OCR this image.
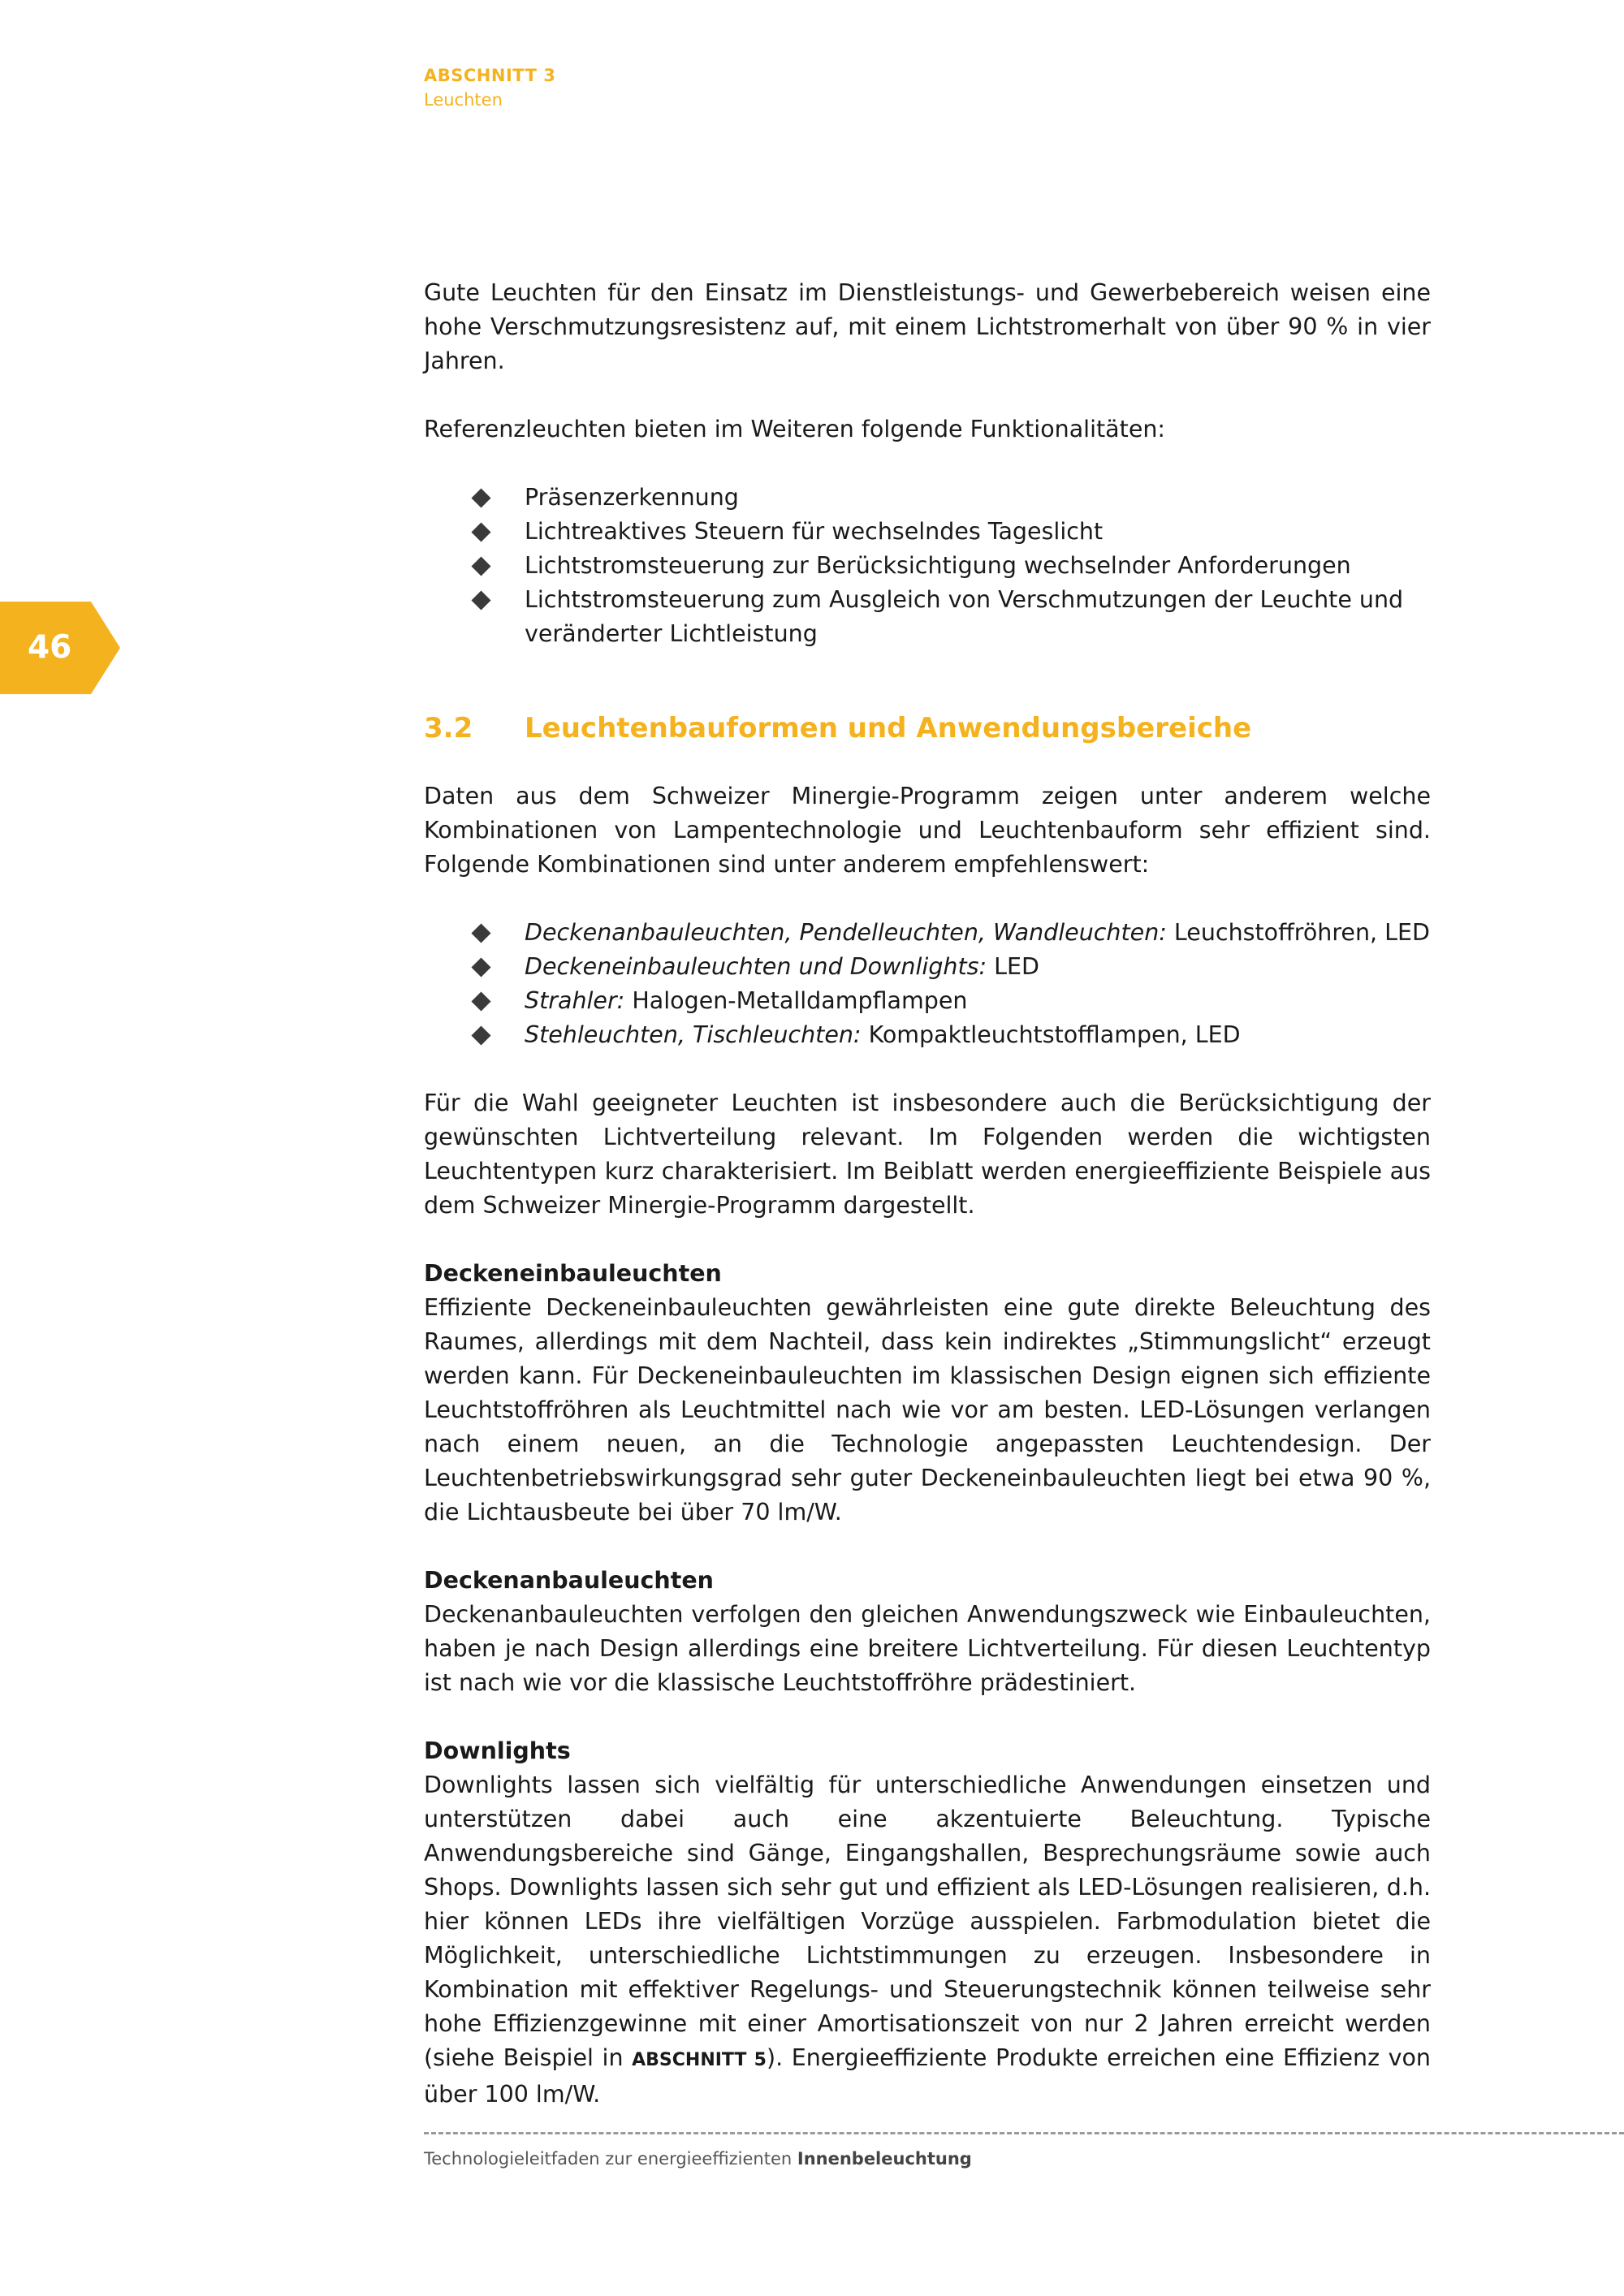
ABSCHNITT 3
Leuchten
46

Gute Leuchten für den Einsatz im Dienstleistungs- und Gewerbebereich weisen eine hohe Verschmutzungsresistenz auf, mit einem Lichtstromerhalt von über 90 % in vier Jahren.

Referenzleuchten bieten im Weiteren folgende Funktionalitäten:

Präsenzerkennung
Lichtreaktives Steuern für wechselndes Tageslicht
Lichtstromsteuerung zur Berücksichtigung wechselnder Anforderungen
Lichtstromsteuerung zum Ausgleich von Verschmutzungen der Leuchte und veränderter Lichtleistung
3.2 Leuchtenbauformen und Anwendungsbereiche

Daten aus dem Schweizer Minergie-Programm zeigen unter anderem welche Kombinationen von Lampentechnologie und Leuchtenbauform sehr effizient sind. Folgende Kombinationen sind unter anderem empfehlenswert:

Deckenanbauleuchten, Pendelleuchten, Wandleuchten: Leuchstoffröhren, LED
Deckeneinbauleuchten und Downlights: LED
Strahler: Halogen-Metalldampflampen
Stehleuchten, Tischleuchten: Kompaktleuchtstofflampen, LED

Für die Wahl geeigneter Leuchten ist insbesondere auch die Berücksichtigung der gewünschten Lichtverteilung relevant. Im Folgenden werden die wichtigsten Leuchtentypen kurz charakterisiert. Im Beiblatt werden energieeffiziente Beispiele aus dem Schweizer Minergie-Programm dargestellt.

Deckeneinbauleuchten

Effiziente Deckeneinbauleuchten gewährleisten eine gute direkte Beleuchtung des Raumes, allerdings mit dem Nachteil, dass kein indirektes „Stimmungslicht“ erzeugt werden kann. Für Deckeneinbauleuchten im klassischen Design eignen sich effiziente Leuchtstoffröhren als Leuchtmittel nach wie vor am besten. LED-Lösungen verlangen nach einem neuen, an die Technologie angepassten Leuchtendesign. Der Leuchtenbetriebswirkungsgrad sehr guter Deckeneinbauleuchten liegt bei etwa 90 %, die Lichtausbeute bei über 70 lm/W.

Deckenanbauleuchten

Deckenanbauleuchten verfolgen den gleichen Anwendungszweck wie Einbauleuchten, haben je nach Design allerdings eine breitere Lichtverteilung. Für diesen Leuchtentyp ist nach wie vor die klassische Leuchtstoffröhre prädestiniert.

Downlights

Downlights lassen sich vielfältig für unterschiedliche Anwendungen einsetzen und unterstützen dabei auch eine akzentuierte Beleuchtung. Typische Anwendungsbereiche sind Gänge, Eingangshallen, Besprechungsräume sowie auch Shops. Downlights lassen sich sehr gut und effizient als LED-Lösungen realisieren, d.h. hier können LEDs ihre vielfältigen Vorzüge ausspielen. Farbmodulation bietet die Möglichkeit, unterschiedliche Lichtstimmungen zu erzeugen. Insbesondere in Kombination mit effektiver Regelungs- und Steuerungstechnik können teilweise sehr hohe Effizienzgewinne mit einer Amortisationszeit von nur 2 Jahren erreicht werden (siehe Beispiel in ABSCHNITT 5). Energieeffiziente Produkte erreichen eine Effizienz von über 100 lm/W.

Technologieleitfaden zur energieeffizienten Innenbeleuchtung
